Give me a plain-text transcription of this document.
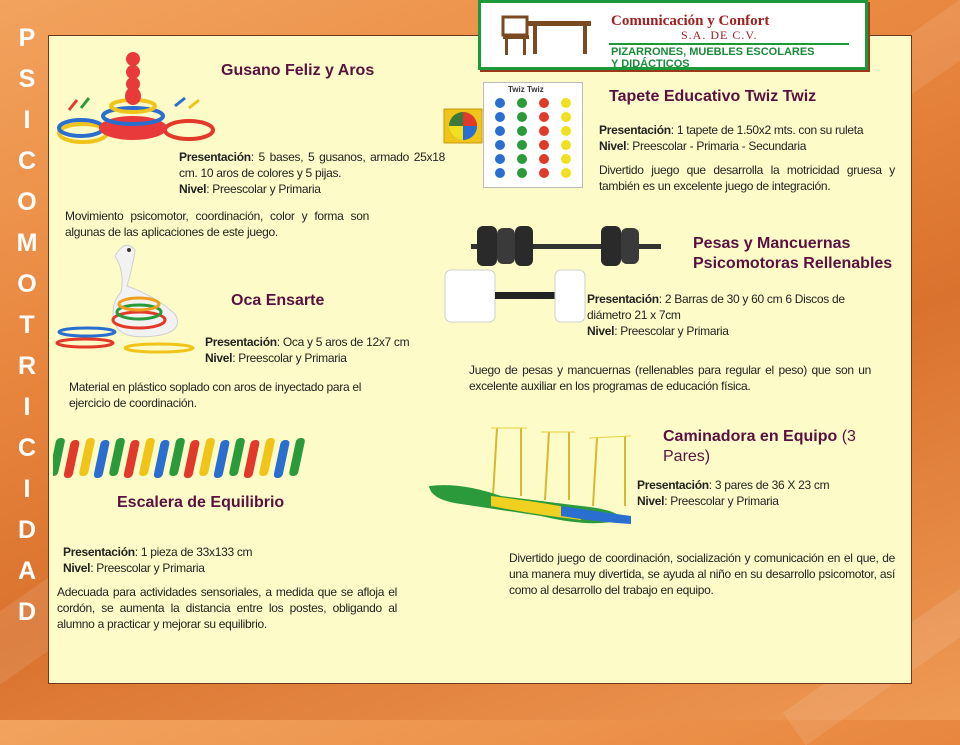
P
S
I
C
O
M
O
T
R
I
C
I
D
A
D
Gusano Feliz y Aros
Presentación: 5 bases, 5 gusanos, armado 25x18 cm. 10 aros de colores y 5 pijas.
Nivel: Preescolar y Primaria
Movimiento psicomotor, coordinación, color y forma son algunas de las aplicaciones de este juego.
Oca Ensarte
Presentación: Oca y 5 aros de 12x7 cm
Nivel: Preescolar y Primaria
Material en plástico soplado con aros de inyectado para el ejercicio de coordinación.
Escalera de Equilibrio
Presentación: 1 pieza de 33x133 cm
Nivel: Preescolar y Primaria
Adecuada para actividades sensoriales, a medida que se afloja el cordón, se aumenta la distancia entre los postes, obligando al alumno a practicar y mejorar su equilibrio.
Twiz Twiz	Tapete Educativo Twiz Twiz
Presentación: 1 tapete de 1.50x2 mts. con su ruleta
Nivel: Preescolar - Primaria - Secundaria
Divertido juego que desarrolla la motricidad gruesa y también es un excelente juego de integración.
Pesas y Mancuernas
Psicomotoras Rellenables
Presentación: 2 Barras de 30 y 60 cm 6 Discos de diámetro 21 x 7cm
Nivel: Preescolar y Primaria
Juego de pesas y mancuernas (rellenables para regular el peso) que son un excelente auxiliar en los programas de educación física.
Caminadora en Equipo (3 Pares)
Presentación: 3 pares de 36 X 23 cm
Nivel: Preescolar y Primaria
Divertido juego de coordinación, socialización y comunicación en el que, de una manera muy divertida, se ayuda al niño en su desarrollo psicomotor, así como al desarrollo del trabajo en equipo.
Comunicación y Confort
S.A. DE C.V.
PIZARRONES, MUEBLES ESCOLARES
Y DIDÁCTICOS
